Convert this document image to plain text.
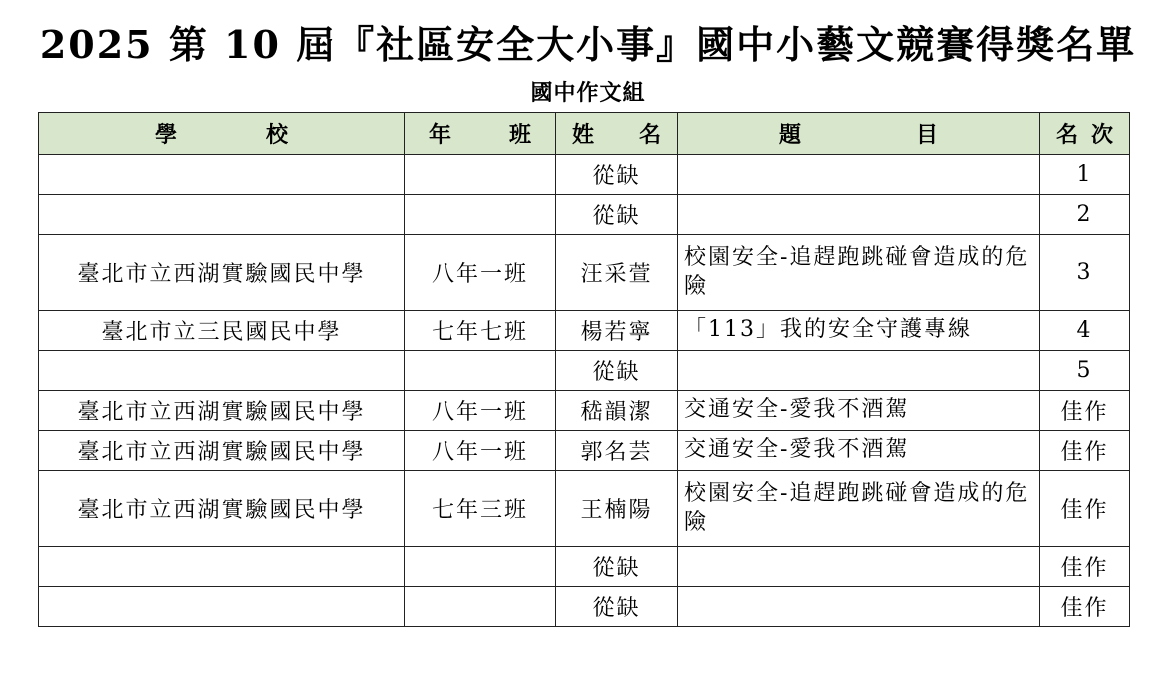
2025 第 10 屆『社區安全大小事』國中小藝文競賽得獎名單
國中作文組
學 校	年 班	姓 名	題 目	名 次

		從缺		1
		從缺		2
臺北市立西湖實驗國民中學	八年一班	汪采萱	校園安全-追趕跑跳碰會造成的危險	3
臺北市立三民國民中學	七年七班	楊若寧	「113」我的安全守護專線	4
		從缺		5
臺北市立西湖實驗國民中學	八年一班	嵇韻潔	交通安全-愛我不酒駕	佳作
臺北市立西湖實驗國民中學	八年一班	郭名芸	交通安全-愛我不酒駕	佳作
臺北市立西湖實驗國民中學	七年三班	王楠陽	校園安全-追趕跑跳碰會造成的危險	佳作
		從缺		佳作
		從缺		佳作
